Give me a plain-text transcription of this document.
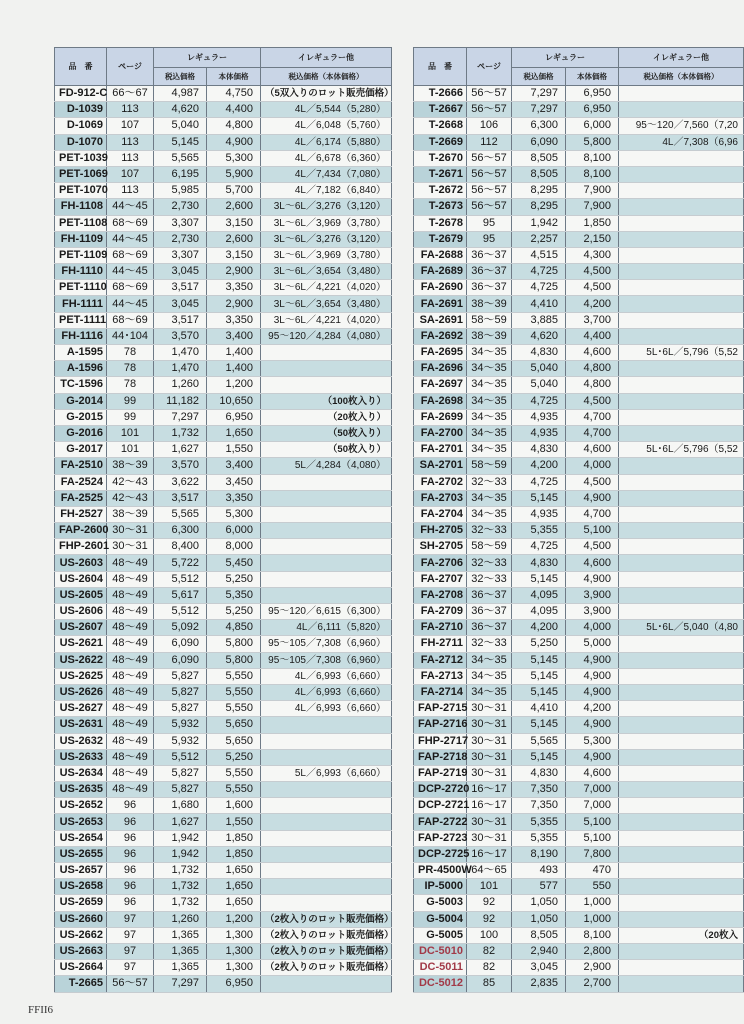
品　番	ページ	レギュラー		イレギュラー他
		税込価格	本体価格	税込価格（本体価格）
FD-912-C	66～67	4,987	4,750	（5双入りのロット販売価格）
D-1039	113	4,620	4,400	4L／5,544（5,280）
D-1069	107	5,040	4,800	4L／6,048（5,760）
D-1070	113	5,145	4,900	4L／6,174（5,880）
PET-1039	113	5,565	5,300	4L／6,678（6,360）
PET-1069	107	6,195	5,900	4L／7,434（7,080）
PET-1070	113	5,985	5,700	4L／7,182（6,840）
FH-1108	44～45	2,730	2,600	3L～6L／3,276（3,120）
PET-1108	68～69	3,307	3,150	3L～6L／3,969（3,780）
FH-1109	44～45	2,730	2,600	3L～6L／3,276（3,120）
PET-1109	68～69	3,307	3,150	3L～6L／3,969（3,780）
FH-1110	44～45	3,045	2,900	3L～6L／3,654（3,480）
PET-1110	68～69	3,517	3,350	3L～6L／4,221（4,020）
FH-1111	44～45	3,045	2,900	3L～6L／3,654（3,480）
PET-1111	68～69	3,517	3,350	3L～6L／4,221（4,020）
FH-1116	44･104	3,570	3,400	95～120／4,284（4,080）
A-1595	78	1,470	1,400	
A-1596	78	1,470	1,400	
TC-1596	78	1,260	1,200	
G-2014	99	11,182	10,650	（100枚入り）
G-2015	99	7,297	6,950	（20枚入り）
G-2016	101	1,732	1,650	（50枚入り）
G-2017	101	1,627	1,550	（50枚入り）
FA-2510	38～39	3,570	3,400	5L／4,284（4,080）
FA-2524	42～43	3,622	3,450	
FA-2525	42～43	3,517	3,350	
FH-2527	38～39	5,565	5,300	
FAP-2600	30～31	6,300	6,000	
FHP-2601	30～31	8,400	8,000	
US-2603	48～49	5,722	5,450	
US-2604	48～49	5,512	5,250	
US-2605	48～49	5,617	5,350	
US-2606	48～49	5,512	5,250	95～120／6,615（6,300）
US-2607	48～49	5,092	4,850	4L／6,111（5,820）
US-2621	48～49	6,090	5,800	95～105／7,308（6,960）
US-2622	48～49	6,090	5,800	95～105／7,308（6,960）
US-2625	48～49	5,827	5,550	4L／6,993（6,660）
US-2626	48～49	5,827	5,550	4L／6,993（6,660）
US-2627	48～49	5,827	5,550	4L／6,993（6,660）
US-2631	48～49	5,932	5,650	
US-2632	48～49	5,932	5,650	
US-2633	48～49	5,512	5,250	
US-2634	48～49	5,827	5,550	5L／6,993（6,660）
US-2635	48～49	5,827	5,550	
US-2652	96	1,680	1,600	
US-2653	96	1,627	1,550	
US-2654	96	1,942	1,850	
US-2655	96	1,942	1,850	
US-2657	96	1,732	1,650	
US-2658	96	1,732	1,650	
US-2659	96	1,732	1,650	
US-2660	97	1,260	1,200	（2枚入りのロット販売価格）
US-2662	97	1,365	1,300	（2枚入りのロット販売価格）
US-2663	97	1,365	1,300	（2枚入りのロット販売価格）
US-2664	97	1,365	1,300	（2枚入りのロット販売価格）
T-2665	56～57	7,297	6,950	
品　番	ページ	レギュラー		イレギュラー他
		税込価格	本体価格	税込価格（本体価格）
T-2666	56～57	7,297	6,950	
T-2667	56～57	7,297	6,950	
T-2668	106	6,300	6,000	95～120／7,560（7,20
T-2669	112	6,090	5,800	4L／7,308（6,96
T-2670	56～57	8,505	8,100	
T-2671	56～57	8,505	8,100	
T-2672	56～57	8,295	7,900	
T-2673	56～57	8,295	7,900	
T-2678	95	1,942	1,850	
T-2679	95	2,257	2,150	
FA-2688	36～37	4,515	4,300	
FA-2689	36～37	4,725	4,500	
FA-2690	36～37	4,725	4,500	
FA-2691	38～39	4,410	4,200	
SA-2691	58～59	3,885	3,700	
FA-2692	38～39	4,620	4,400	
FA-2695	34～35	4,830	4,600	5L･6L／5,796（5,52
FA-2696	34～35	5,040	4,800	
FA-2697	34～35	5,040	4,800	
FA-2698	34～35	4,725	4,500	
FA-2699	34～35	4,935	4,700	
FA-2700	34～35	4,935	4,700	
FA-2701	34～35	4,830	4,600	5L･6L／5,796（5,52
SA-2701	58～59	4,200	4,000	
FA-2702	32～33	4,725	4,500	
FA-2703	34～35	5,145	4,900	
FA-2704	34～35	4,935	4,700	
FH-2705	32～33	5,355	5,100	
SH-2705	58～59	4,725	4,500	
FA-2706	32～33	4,830	4,600	
FA-2707	32～33	5,145	4,900	
FA-2708	36～37	4,095	3,900	
FA-2709	36～37	4,095	3,900	
FA-2710	36～37	4,200	4,000	5L･6L／5,040（4,80
FH-2711	32～33	5,250	5,000	
FA-2712	34～35	5,145	4,900	
FA-2713	34～35	5,145	4,900	
FA-2714	34～35	5,145	4,900	
FAP-2715	30～31	4,410	4,200	
FAP-2716	30～31	5,145	4,900	
FHP-2717	30～31	5,565	5,300	
FAP-2718	30～31	5,145	4,900	
FAP-2719	30～31	4,830	4,600	
DCP-2720	16～17	7,350	7,000	
DCP-2721	16～17	7,350	7,000	
FAP-2722	30～31	5,355	5,100	
FAP-2723	30～31	5,355	5,100	
DCP-2725	16～17	8,190	7,800	
PR-4500W	64～65	493	470	
IP-5000	101	577	550	
G-5003	92	1,050	1,000	
G-5004	92	1,050	1,000	
G-5005	100	8,505	8,100	（20枚入
DC-5010	82	2,940	2,800	
DC-5011	82	3,045	2,900	
DC-5012	85	2,835	2,700	
FFII6
